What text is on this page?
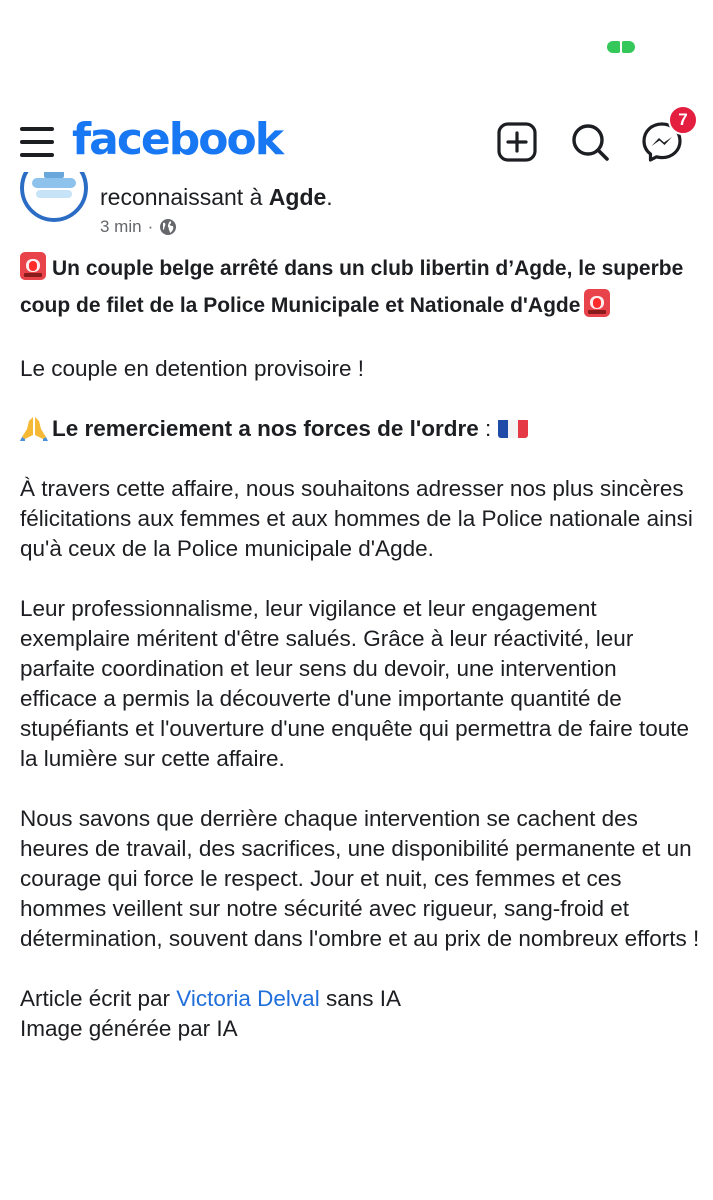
facebook	7
reconnaissant à Agde.
3 min ·
Un couple belge arrêté dans un club libertin d’Agde, le superbe coup de filet de la Police Municipale et Nationale d'Agde
Le couple en detention provisoire !
Le remerciement a nos forces de l'ordre :
À travers cette affaire, nous souhaitons adresser nos plus sincères félicitations aux femmes et aux hommes de la Police nationale ainsi qu'à ceux de la Police municipale d'Agde.
Leur professionnalisme, leur vigilance et leur engagement exemplaire méritent d'être salués. Grâce à leur réactivité, leur parfaite coordination et leur sens du devoir, une intervention efficace a permis la découverte d'une importante quantité de stupéfiants et l'ouverture d'une enquête qui permettra de faire toute la lumière sur cette affaire.
Nous savons que derrière chaque intervention se cachent des heures de travail, des sacrifices, une disponibilité permanente et un courage qui force le respect. Jour et nuit, ces femmes et ces hommes veillent sur notre sécurité avec rigueur, sang-froid et détermination, souvent dans l'ombre et au prix de nombreux efforts !
Article écrit par Victoria Delval sans IA
Image générée par IA
